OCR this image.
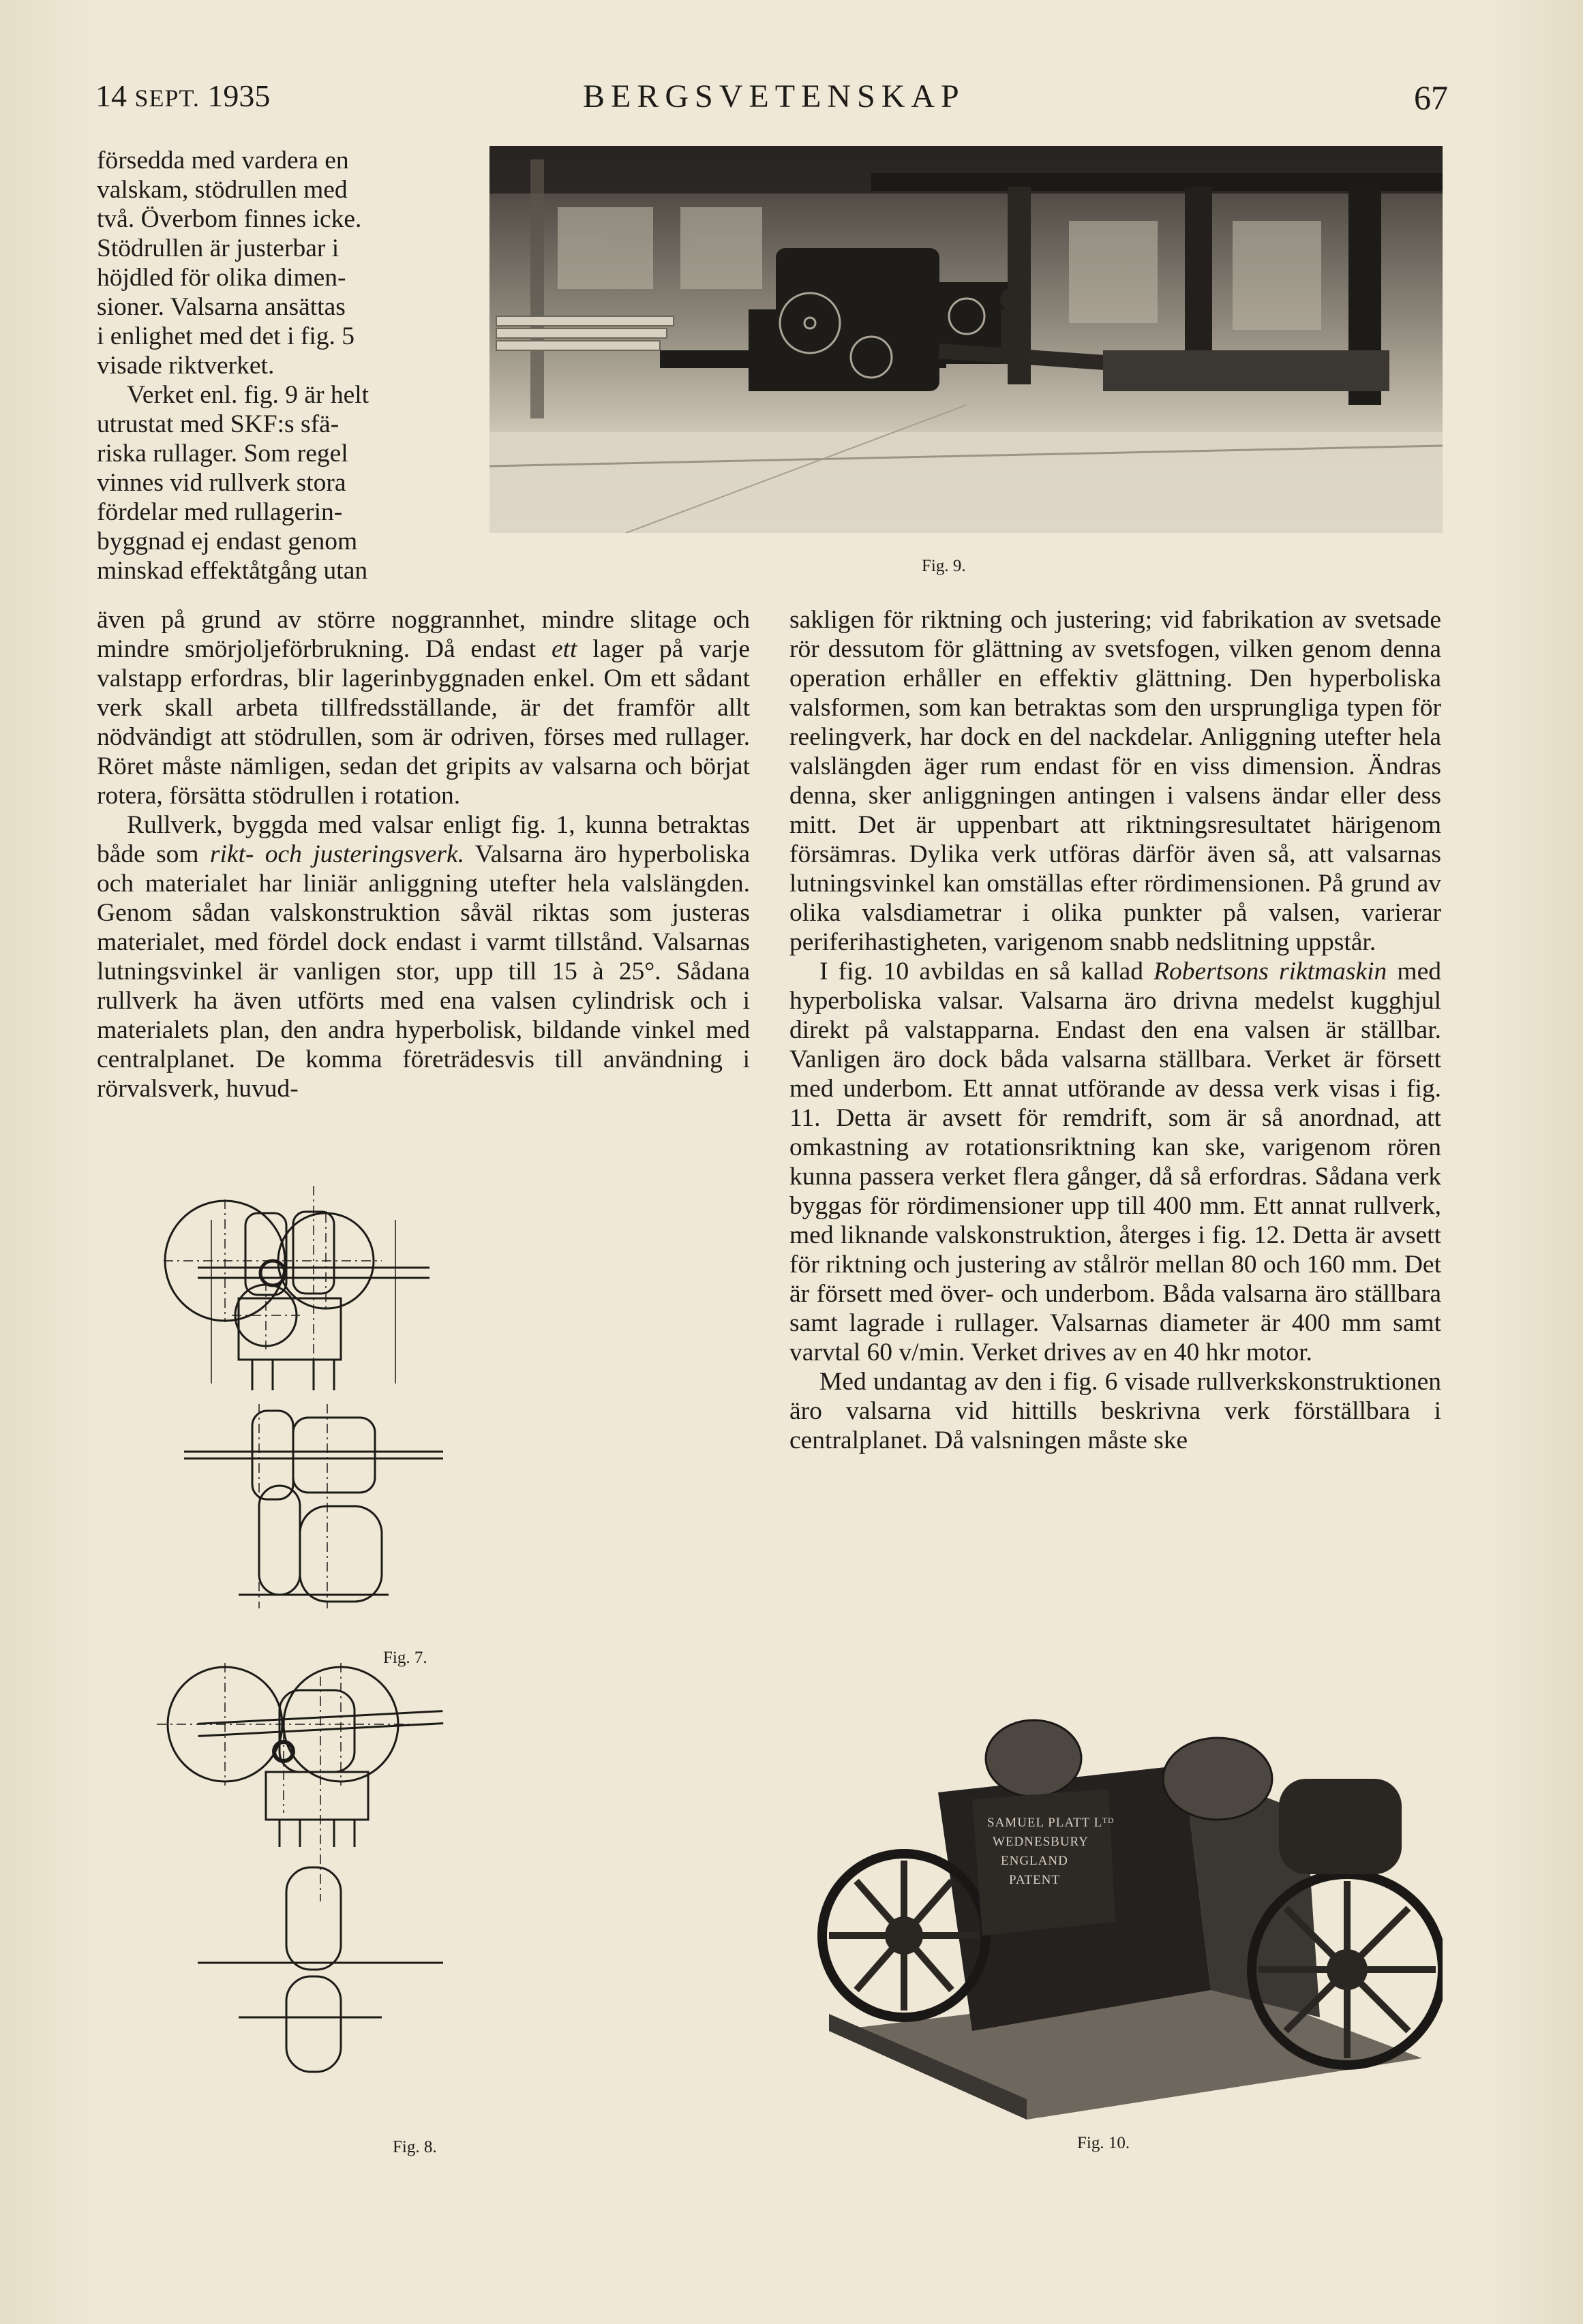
14 SEPT. 1935	BERGSVETENSKAP	67
försedda med vardera en
valskam, stödrullen med
två. Överbom finnes icke.
Stödrullen är justerbar i
höjdled för olika dimen-
sioner. Valsarna ansättas
i enlighet med det i fig. 5
visade riktverket.
Verket enl. fig. 9 är helt
utrustat med SKF:s sfä-
riska rullager. Som regel
vinnes vid rullverk stora
fördelar med rullagerin-
byggnad ej endast genom
minskad effektåtgång utan

även på grund av större noggrannhet, mindre slitage och mindre smörjoljeförbrukning. Då endast ett lager på varje valstapp erfordras, blir lagerinbyggnaden enkel. Om ett sådant verk skall arbeta tillfredsställande, är det framför allt nödvändigt att stödrullen, som är odriven, förses med rullager. Röret måste nämligen, sedan det gripits av valsarna och börjat rotera, försätta stödrullen i rotation.

Rullverk, byggda med valsar enligt fig. 1, kunna betraktas både som rikt- och justeringsverk. Valsarna äro hyperboliska och materialet har liniär anliggning utefter hela valslängden. Genom sådan valskonstruktion såväl riktas som justeras materialet, med fördel dock endast i varmt tillstånd. Valsarnas lutningsvinkel är vanligen stor, upp till 15 à 25°. Sådana rullverk ha även utförts med ena valsen cylindrisk och i materialets plan, den andra hyperbolisk, bildande vinkel med centralplanet. De komma företrädesvis till användning i rörvalsverk, huvud-

sakligen för riktning och justering; vid fabrikation av svetsade rör dessutom för glättning av svetsfogen, vilken genom denna operation erhåller en effektiv glättning. Den hyperboliska valsformen, som kan betraktas som den ursprungliga typen för reelingverk, har dock en del nackdelar. Anliggning utefter hela valslängden äger rum endast för en viss dimension. Ändras denna, sker anliggningen antingen i valsens ändar eller dess mitt. Det är uppenbart att riktningsresultatet härigenom försämras. Dylika verk utföras därför även så, att valsarnas lutningsvinkel kan omställas efter rördimensionen. På grund av olika valsdiametrar i olika punkter på valsen, varierar periferihastigheten, varigenom snabb nedslitning uppstår.

I fig. 10 avbildas en så kallad Robertsons riktmaskin med hyperboliska valsar. Valsarna äro drivna medelst kugghjul direkt på valstapparna. Endast den ena valsen är ställbar. Vanligen äro dock båda valsarna ställbara. Verket är försett med underbom. Ett annat utförande av dessa verk visas i fig. 11. Detta är avsett för remdrift, som är så anordnad, att omkastning av rotationsriktning kan ske, varigenom rören kunna passera verket flera gånger, då så erfordras. Sådana verk byggas för rördimensioner upp till 400 mm. Ett annat rullverk, med liknande valskonstruktion, återges i fig. 12. Detta är avsett för riktning och justering av stålrör mellan 80 och 160 mm. Det är försett med över- och underbom. Båda valsarna äro ställbara samt lagrade i rullager. Valsarnas diameter är 400 mm samt varvtal 60 v/min. Verket drives av en 40 hkr motor.

Med undantag av den i fig. 6 visade rullverkskonstruktionen äro valsarna vid hittills beskrivna verk förställbara i centralplanet. Då valsningen måste ske

Fig. 9.
Fig. 7.
Fig. 8.
SAMUEL PLATT Lᵀᴰ
WEDNESBURY
ENGLAND
PATENT
Fig. 10.
